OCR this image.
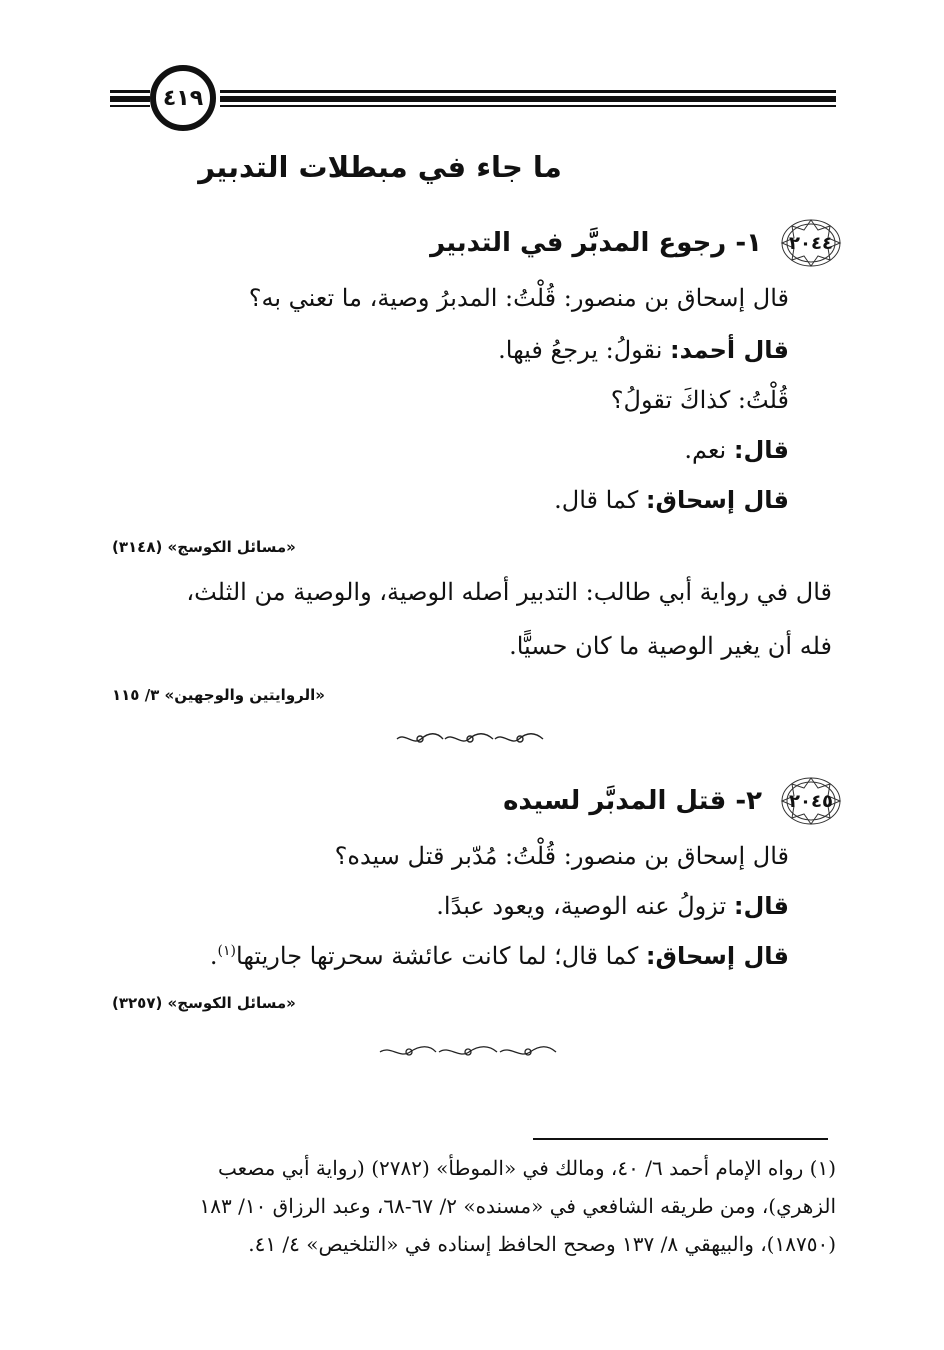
٤١٩
ما جاء في مبطلات التدبير
٢٠٤٤
١- رجوع المدبَّر في التدبير
قال إسحاق بن منصور: قُلْتُ: المدبرُ وصية، ما تعني به؟
قال أحمد: نقولُ: يرجعُ فيها.
قُلْتُ: كذاكَ تقولُ؟
قال: نعم.
قال إسحاق: كما قال.
«مسائل الكوسج» (٣١٤٨)
قال في رواية أبي طالب: التدبير أصله الوصية، والوصية من الثلث،
فله أن يغير الوصية ما كان حسيًّا.
«الروايتين والوجهين» ٣/ ١١٥
٢٠٤٥
٢- قتل المدبَّر لسيده
قال إسحاق بن منصور: قُلْتُ: مُدّبر قتل سيده؟
قال: تزولُ عنه الوصية، ويعود عبدًا.
قال إسحاق: كما قال؛ لما كانت عائشة سحرتها جاريتها$^{(١)}$.
«مسائل الكوسج» (٣٢٥٧)
(١) رواه الإمام أحمد ٦/ ٤٠، ومالك في «الموطأ» (٢٧٨٢) (رواية أبي مصعب
الزهري)، ومن طريقه الشافعي في «مسنده» ٢/ ٦٧-٦٨، وعبد الرزاق ١٠/ ١٨٣
(١٨٧٥٠)، والبيهقي ٨/ ١٣٧ وصحح الحافظ إسناده في «التلخيص» ٤/ ٤١.
